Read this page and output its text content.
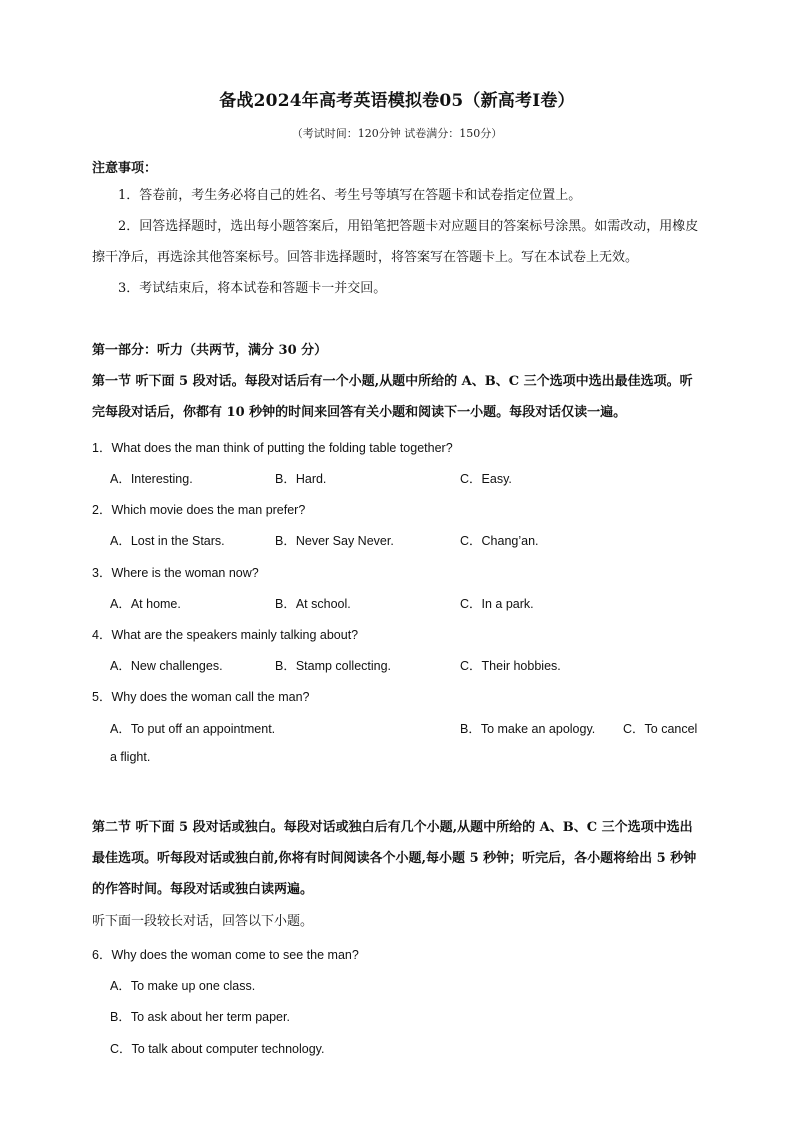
备战2024年高考英语模拟卷05（新高考I卷）
（考试时间：120分钟 试卷满分：150分）
注意事项：
1．答卷前，考生务必将自己的姓名、考生号等填写在答题卡和试卷指定位置上。
2．回答选择题时，选出每小题答案后，用铅笔把答题卡对应题目的答案标号涂黑。如需改动，用橡皮擦干净后，再选涂其他答案标号。回答非选择题时，将答案写在答题卡上。写在本试卷上无效。
3．考试结束后，将本试卷和答题卡一并交回。
第一部分：听力（共两节，满分 30 分）
第一节 听下面 5 段对话。每段对话后有一个小题,从题中所给的 A、B、C 三个选项中选出最佳选项。听完每段对话后，你都有 10 秒钟的时间来回答有关小题和阅读下一小题。每段对话仅读一遍。
1．What does the man think of putting the folding table together?
A．Interesting.	B．Hard.	C．Easy.
2．Which movie does the man prefer?
A．Lost in the Stars.	B．Never Say Never.	C．Chang’an.
3．Where is the woman now?
A．At home.	B．At school.	C．In a park.
4．What are the speakers mainly talking about?
A．New challenges.	B．Stamp collecting.	C．Their hobbies.
5．Why does the woman call the man?
A．To put off an appointment.	B．To make an apology. C．To cancel
a flight.
第二节 听下面 5 段对话或独白。每段对话或独白后有几个小题,从题中所给的 A、B、C 三个选项中选出最佳选项。听每段对话或独白前,你将有时间阅读各个小题,每小题 5 秒钟；听完后，各小题将给出 5 秒钟的作答时间。每段对话或独白读两遍。
听下面一段较长对话，回答以下小题。
6．Why does the woman come to see the man?
A．To make up one class.
B．To ask about her term paper.
C．To talk about computer technology.
